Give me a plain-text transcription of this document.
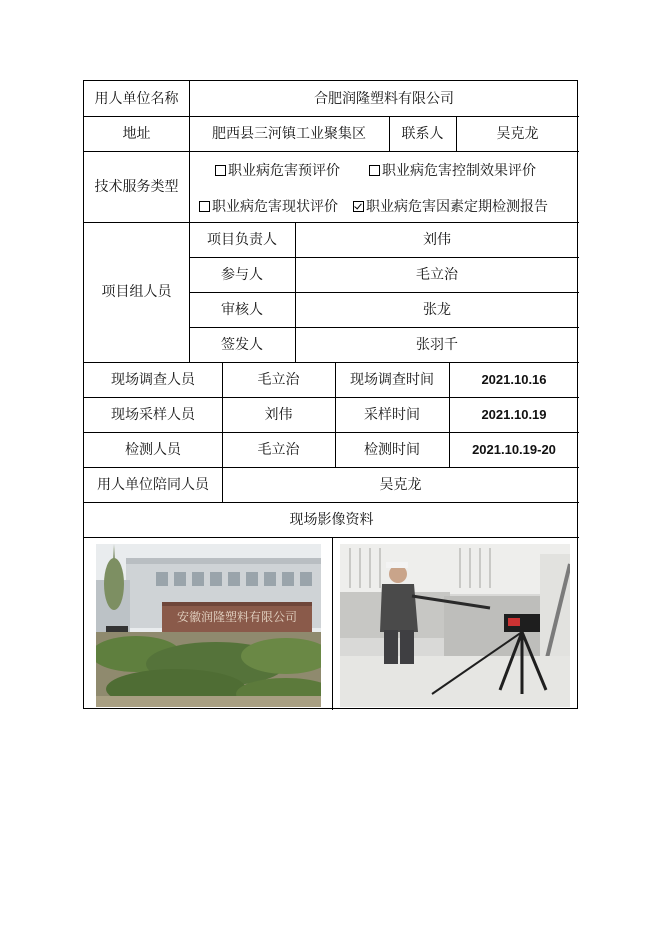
用人单位名称	合肥润隆塑料有限公司
地址	肥西县三河镇工业聚集区	联系人	吴克龙
技术服务类型
职业病危害预评价	职业病危害控制效果评价
职业病危害现状评价 职业病危害因素定期检测报告
项目组人员
项目负责人	刘伟
参与人	毛立治
审核人	张龙
签发人	张羽千
现场调查人员	毛立治	现场调查时间	2021.10.16
现场采样人员	刘伟	采样时间	2021.10.19
检测人员	毛立治	检测时间	2021.10.19-20
用人单位陪同人员	吴克龙
现场影像资料
安徽润隆塑料有限公司
